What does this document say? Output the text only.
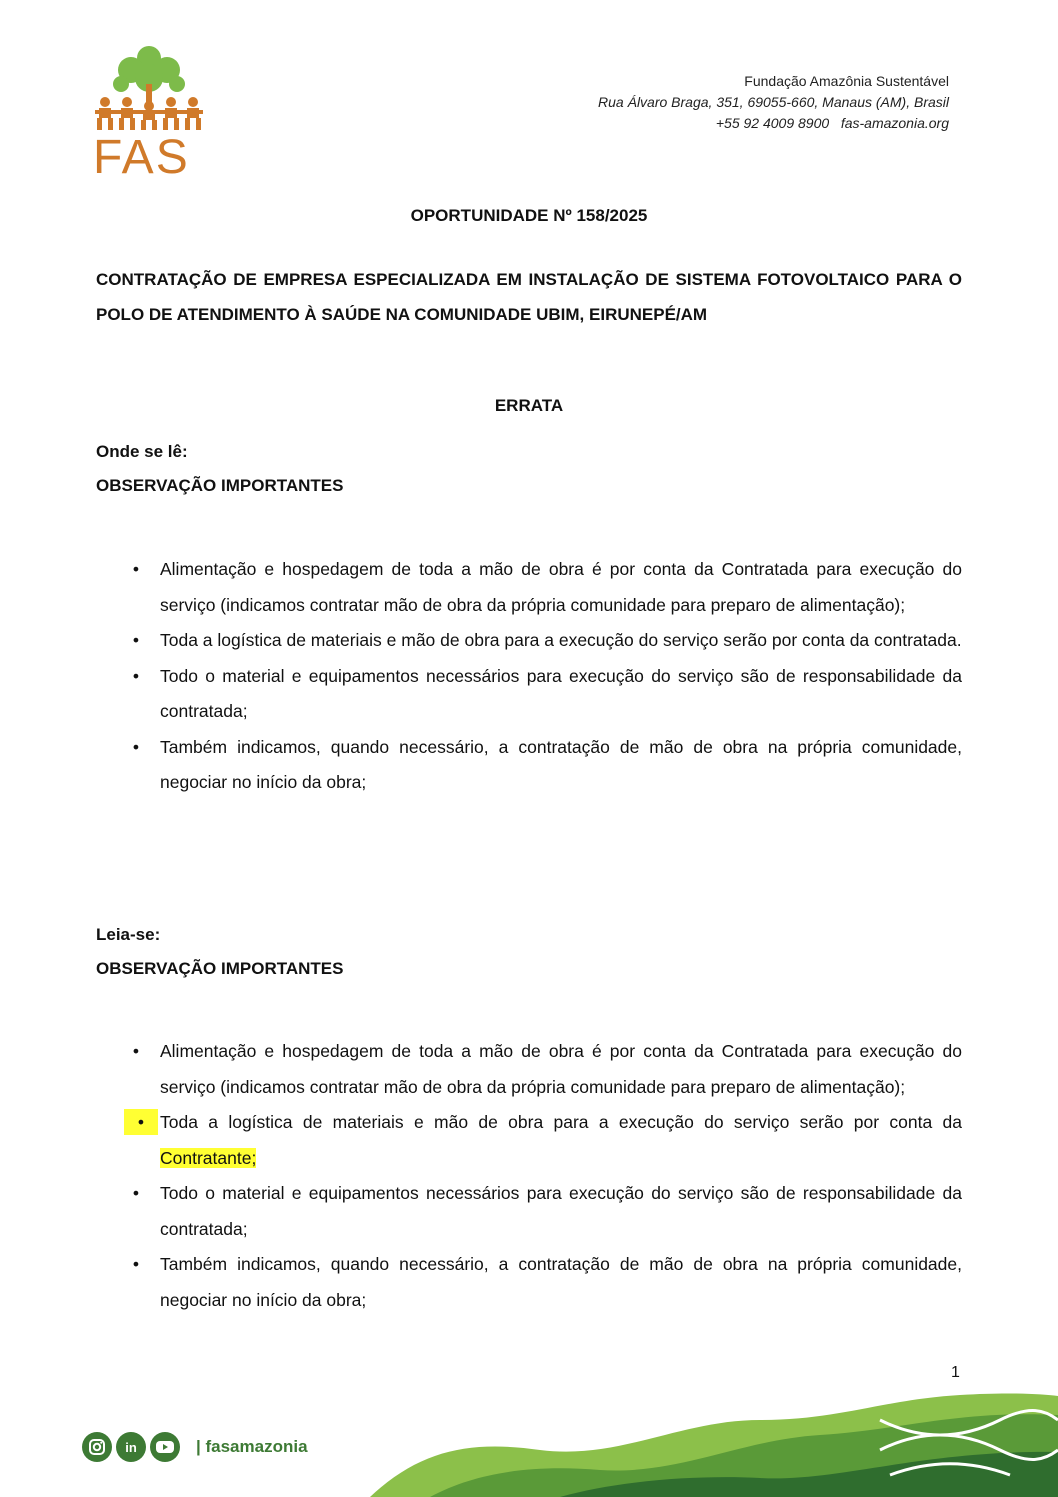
FAS
Fundação Amazônia Sustentável
Rua Álvaro Braga, 351, 69055-660, Manaus (AM), Brasil
+55 92 4009 8900   fas-amazonia.org
OPORTUNIDADE Nº 158/2025
CONTRATAÇÃO DE EMPRESA ESPECIALIZADA EM INSTALAÇÃO DE SISTEMA FOTOVOLTAICO PARA O POLO DE ATENDIMENTO À SAÚDE NA COMUNIDADE UBIM, EIRUNEPÉ/AM
ERRATA
Onde se lê:
OBSERVAÇÃO IMPORTANTES
•	Alimentação e hospedagem de toda a mão de obra é por conta da Contratada para execução do serviço (indicamos contratar mão de obra da própria comunidade para preparo de alimentação);
•	Toda a logística de materiais e mão de obra para a execução do serviço serão por conta da contratada.
•	Todo o material e equipamentos necessários para execução do serviço são de responsabilidade da contratada;
•	Também indicamos, quando necessário, a contratação de mão de obra na própria comunidade, negociar no início da obra;
Leia-se:
OBSERVAÇÃO IMPORTANTES
•	Alimentação e hospedagem de toda a mão de obra é por conta da Contratada para execução do serviço (indicamos contratar mão de obra da própria comunidade para preparo de alimentação);
• Toda a logística de materiais e mão de obra para a execução do serviço serão por conta da Contratante;
•	Todo o material e equipamentos necessários para execução do serviço são de responsabilidade da contratada;
•	Também indicamos, quando necessário, a contratação de mão de obra na própria comunidade, negociar no início da obra;
1
in	| fasamazonia
